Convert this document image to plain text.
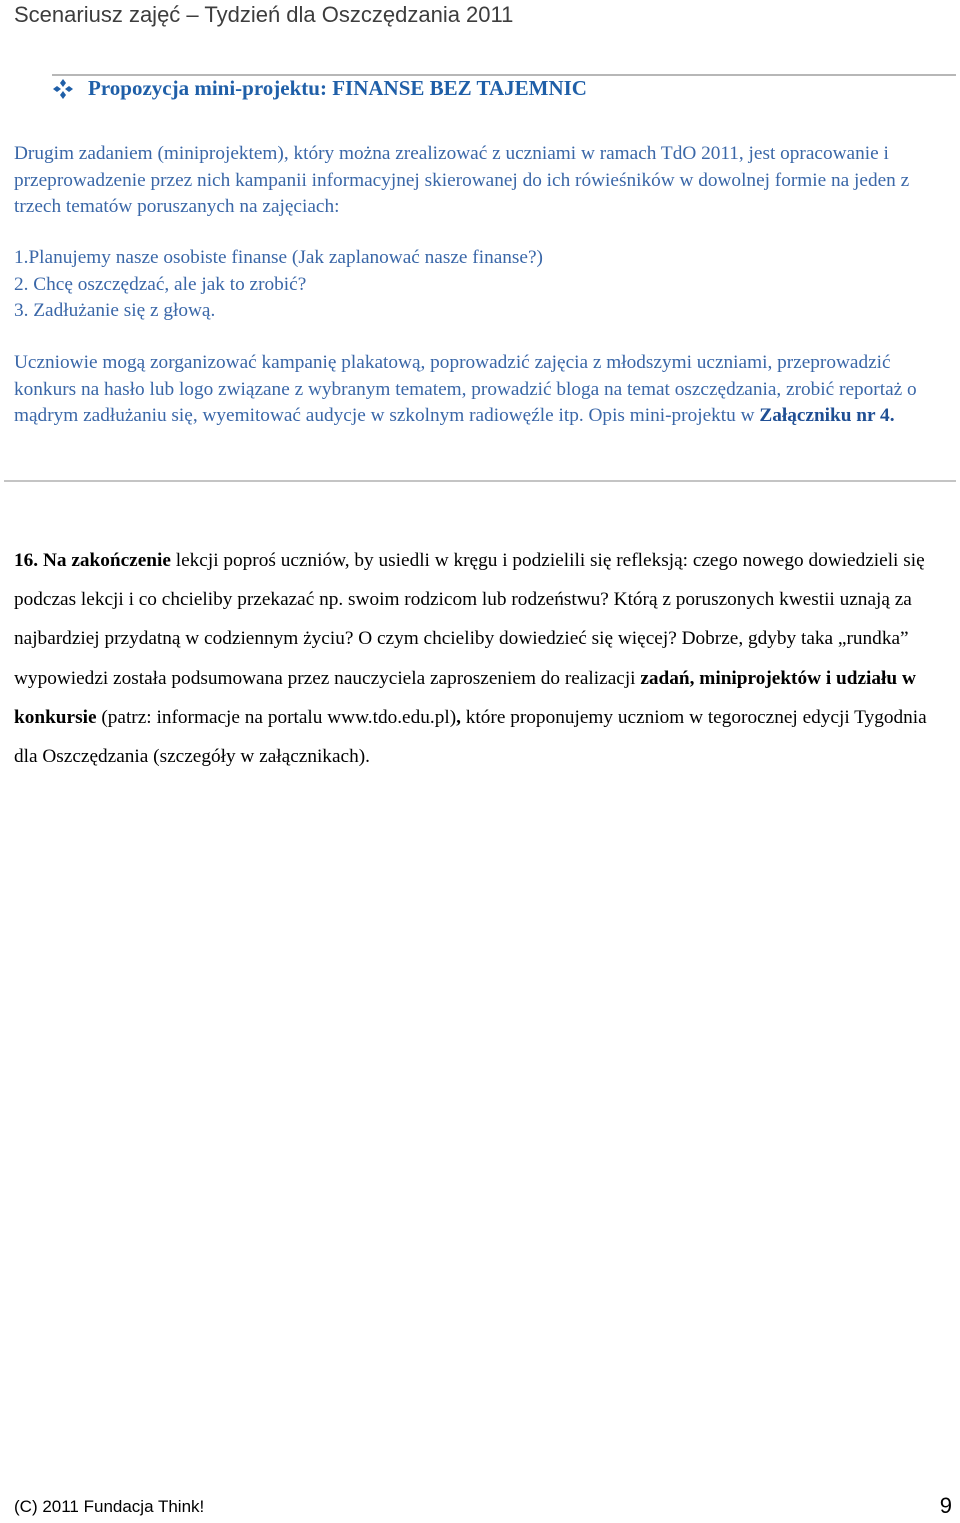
Scenariusz zajęć – Tydzień dla Oszczędzania 2011
Propozycja mini-projektu: FINANSE BEZ TAJEMNIC

Drugim zadaniem (miniprojektem), który można zrealizować z uczniami w ramach TdO 2011, jest opracowanie i przeprowadzenie przez nich kampanii informacyjnej skierowanej do ich rówieśników w dowolnej formie na jeden z trzech tematów poruszanych na zajęciach:

1.Planujemy nasze osobiste finanse (Jak zaplanować nasze finanse?)
2. Chcę oszczędzać, ale jak to zrobić?
3. Zadłużanie się z głową.

Uczniowie mogą zorganizować kampanię plakatową, poprowadzić zajęcia z młodszymi uczniami, przeprowadzić konkurs na hasło lub logo związane z wybranym tematem, prowadzić bloga na temat oszczędzania, zrobić reportaż o mądrym zadłużaniu się, wyemitować audycje w szkolnym radiowęźle itp. Opis mini-projektu w Załączniku nr 4.

16. Na zakończenie lekcji poproś uczniów, by usiedli w kręgu i podzielili się refleksją: czego nowego dowiedzieli się podczas lekcji i co chcieliby przekazać np. swoim rodzicom lub rodzeństwu? Którą z poruszonych kwestii uznają za najbardziej przydatną w codziennym życiu? O czym chcieliby dowiedzieć się więcej? Dobrze, gdyby taka „rundka” wypowiedzi została podsumowana przez nauczyciela zaproszeniem do realizacji zadań, miniprojektów i udziału w konkursie (patrz: informacje na portalu www.tdo.edu.pl), które proponujemy uczniom w tegorocznej edycji Tygodnia dla Oszczędzania (szczegóły w załącznikach).

(C) 2011 Fundacja Think!	9
